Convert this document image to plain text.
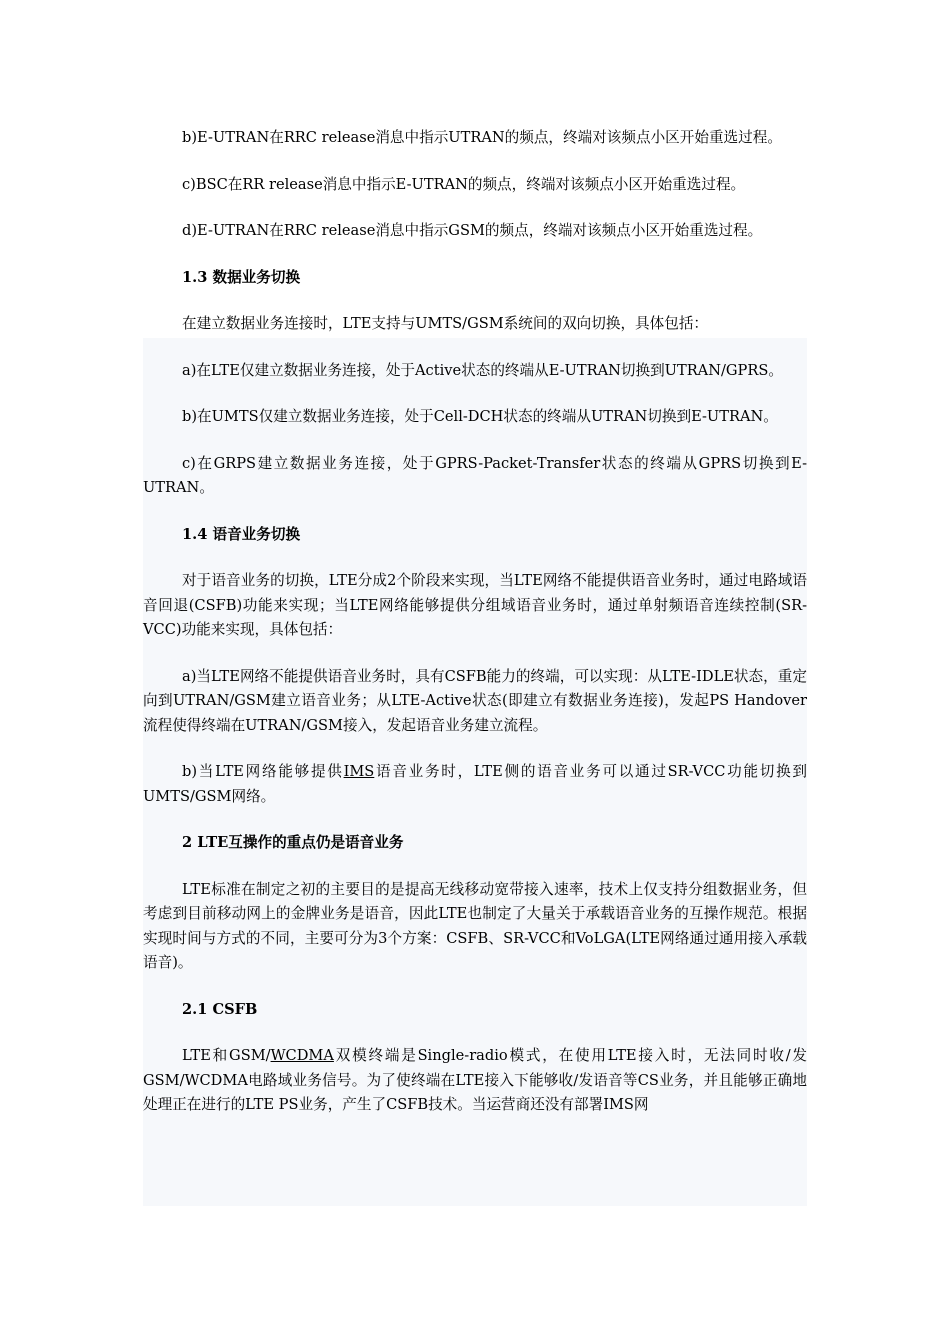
b)E-UTRAN在RRC release消息中指示UTRAN的频点，终端对该频点小区开始重选过程。

c)BSC在RR release消息中指示E-UTRAN的频点，终端对该频点小区开始重选过程。

d)E-UTRAN在RRC release消息中指示GSM的频点，终端对该频点小区开始重选过程。

1.3 数据业务切换

在建立数据业务连接时，LTE支持与UMTS/GSM系统间的双向切换，具体包括：

a)在LTE仅建立数据业务连接，处于Active状态的终端从E-UTRAN切换到UTRAN/GPRS。

b)在UMTS仅建立数据业务连接，处于Cell-DCH状态的终端从UTRAN切换到E-UTRAN。

c)在GRPS建立数据业务连接，处于GPRS-Packet-Transfer状态的终端从GPRS切换到E-UTRAN。

1.4 语音业务切换

对于语音业务的切换，LTE分成2个阶段来实现，当LTE网络不能提供语音业务时，通过电路域语音回退(CSFB)功能来实现；当LTE网络能够提供分组域语音业务时，通过单射频语音连续控制(SR-VCC)功能来实现，具体包括：

a)当LTE网络不能提供语音业务时，具有CSFB能力的终端，可以实现：从LTE-IDLE状态，重定向到UTRAN/GSM建立语音业务；从LTE-Active状态(即建立有数据业务连接)，发起PS Handover流程使得终端在UTRAN/GSM接入，发起语音业务建立流程。

b)当LTE网络能够提供IMS语音业务时，LTE侧的语音业务可以通过SR-VCC功能切换到UMTS/GSM网络。

2 LTE互操作的重点仍是语音业务

LTE标准在制定之初的主要目的是提高无线移动宽带接入速率，技术上仅支持分组数据业务，但考虑到目前移动网上的金牌业务是语音，因此LTE也制定了大量关于承载语音业务的互操作规范。根据实现时间与方式的不同，主要可分为3个方案：CSFB、SR-VCC和VoLGA(LTE网络通过通用接入承载语音)。

2.1 CSFB

LTE和GSM/WCDMA双模终端是Single-radio模式，在使用LTE接入时，无法同时收/发GSM/WCDMA电路域业务信号。为了使终端在LTE接入下能够收/发语音等CS业务，并且能够正确地处理正在进行的LTE PS业务，产生了CSFB技术。当运营商还没有部署IMS网
